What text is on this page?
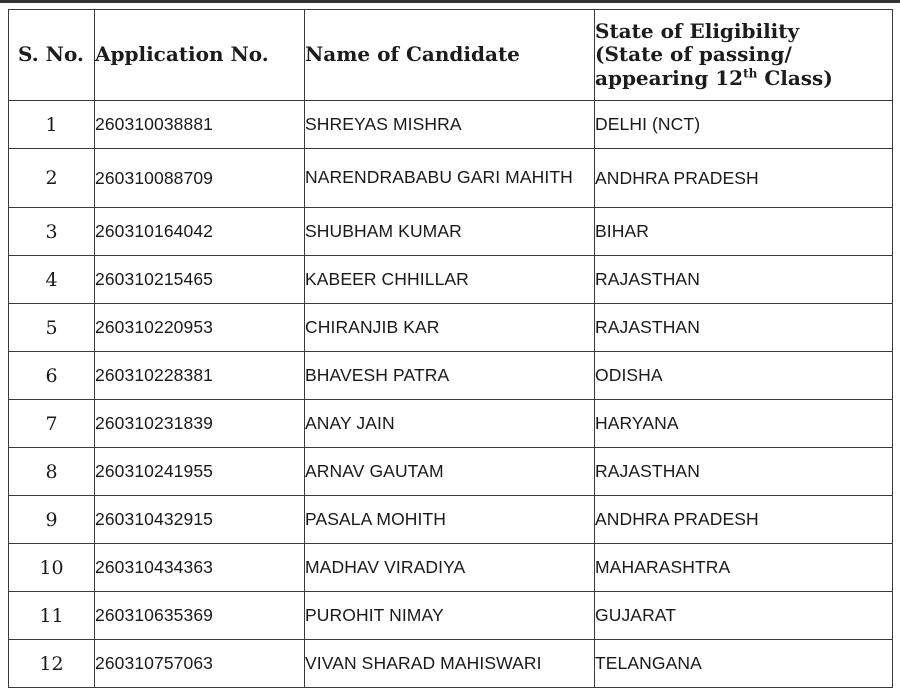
S. No.	Application No.	Name of Candidate	State of Eligibility
(State of passing/
appearing 12th Class)

1	260310038881	SHREYAS MISHRA	DELHI (NCT)
2	260310088709	NARENDRABABU GARI MAHITH	ANDHRA PRADESH
3	260310164042	SHUBHAM KUMAR	BIHAR
4	260310215465	KABEER CHHILLAR	RAJASTHAN
5	260310220953	CHIRANJIB KAR	RAJASTHAN
6	260310228381	BHAVESH PATRA	ODISHA
7	260310231839	ANAY JAIN	HARYANA
8	260310241955	ARNAV GAUTAM	RAJASTHAN
9	260310432915	PASALA MOHITH	ANDHRA PRADESH
10	260310434363	MADHAV VIRADIYA	MAHARASHTRA
11	260310635369	PUROHIT NIMAY	GUJARAT
12	260310757063	VIVAN SHARAD MAHISWARI	TELANGANA
